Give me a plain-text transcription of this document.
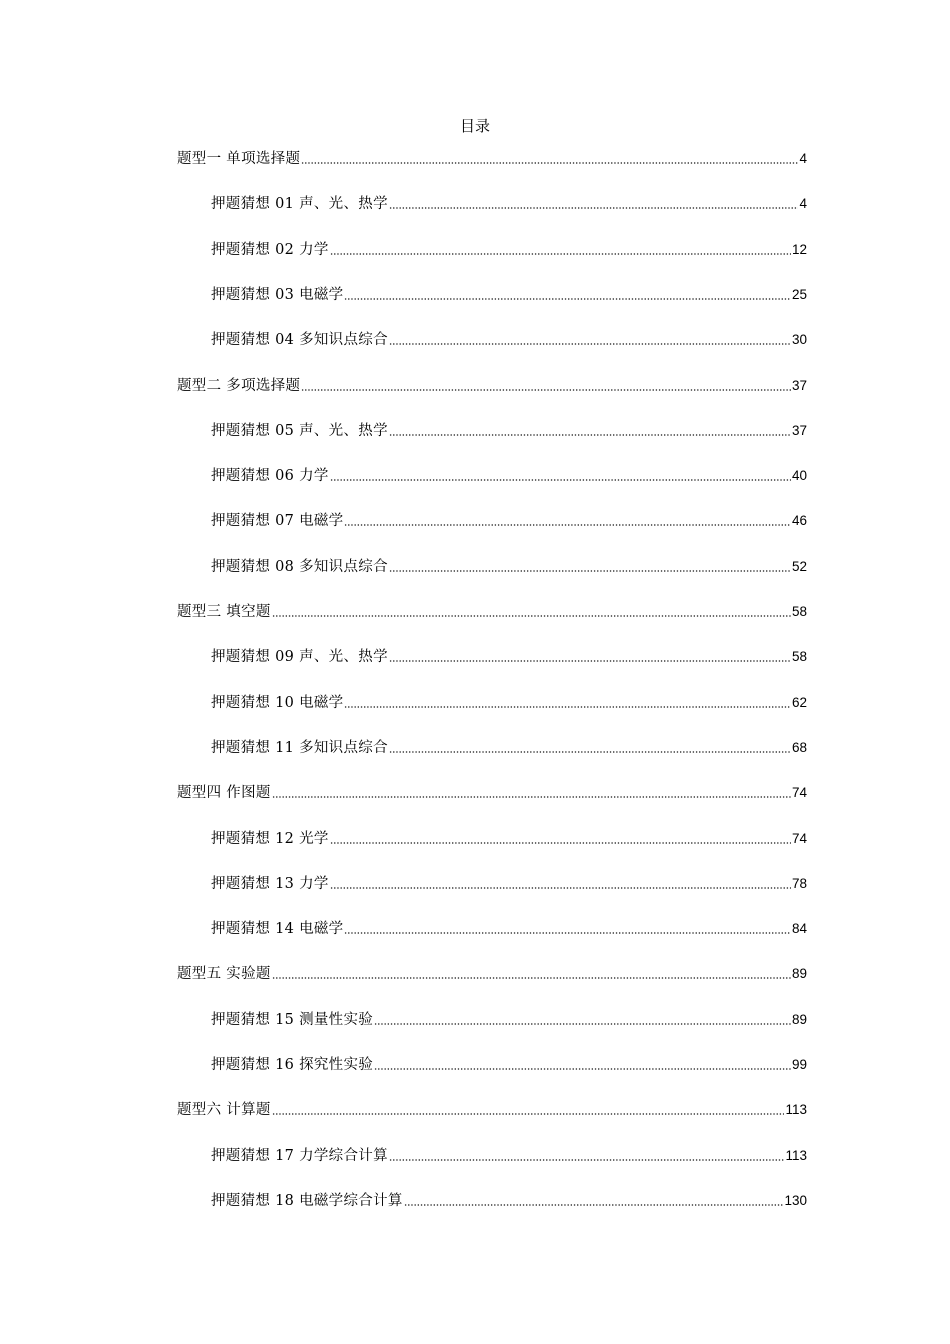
目录
题型一 单项选择题	4
押题猜想 01 声、光、热学	4
押题猜想 02 力学	12
押题猜想 03 电磁学	25
押题猜想 04 多知识点综合	30
题型二 多项选择题	37
押题猜想 05 声、光、热学	37
押题猜想 06 力学	40
押题猜想 07 电磁学	46
押题猜想 08 多知识点综合	52
题型三 填空题	58
押题猜想 09 声、光、热学	58
押题猜想 10 电磁学	62
押题猜想 11 多知识点综合	68
题型四 作图题	74
押题猜想 12 光学	74
押题猜想 13 力学	78
押题猜想 14 电磁学	84
题型五 实验题	89
押题猜想 15 测量性实验	89
押题猜想 16 探究性实验	99
题型六 计算题	113
押题猜想 17 力学综合计算	113
押题猜想 18 电磁学综合计算	130
